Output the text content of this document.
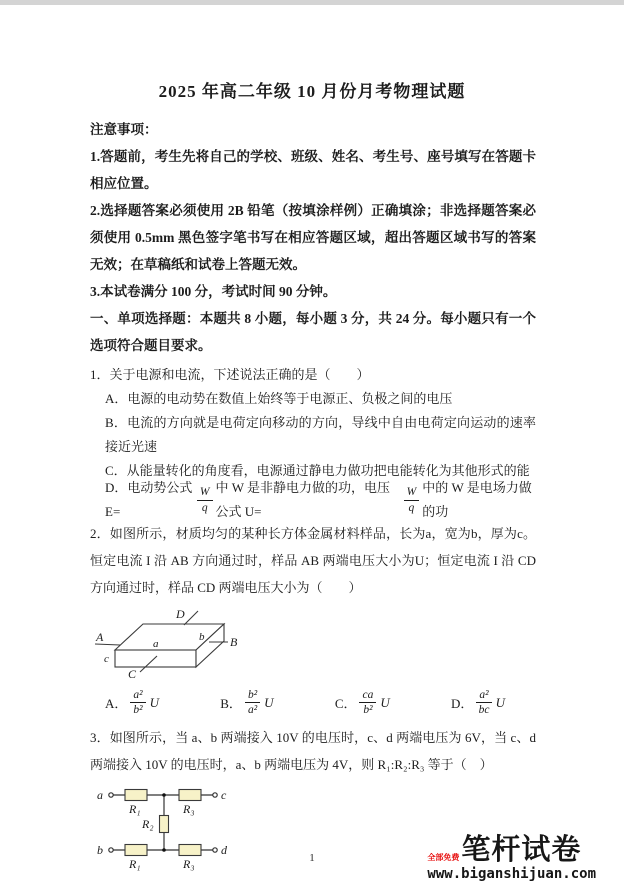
2025 年高二年级 10 月份月考物理试题

注意事项：

1.答题前，考生先将自己的学校、班级、姓名、考生号、座号填写在答题卡相应位置。

2.选择题答案必须使用 2B 铅笔（按填涂样例）正确填涂；非选择题答案必须使用 0.5mm 黑色签字笔书写在相应答题区域，超出答题区域书写的答案无效；在草稿纸和试卷上答题无效。

3.本试卷满分 100 分，考试时间 90 分钟。

一、单项选择题：本题共 8 小题，每小题 3 分，共 24 分。每小题只有一个选项符合题目要求。

1．关于电源和电流，下述说法正确的是（　　）

A．电源的电动势在数值上始终等于电源正、负极之间的电压

B．电流的方向就是电荷定向移动的方向，导线中自由电荷定向运动的速率接近光速

C．从能量转化的角度看，电源通过静电力做功把电能转化为其他形式的能

D．电动势公式 E=	$\frac{W}{q}$ 中 W 是非静电力做的功，电压公式 U=	$\frac{W}{q}$ 中的 W 是电场力做的功

2．如图所示，材质均匀的某种长方体金属材料样品，长为a，宽为b，厚为c。恒定电流 I 沿 AB 方向通过时，样品 AB 两端电压大小为U；恒定电流 I 沿 CD 方向通过时，样品 CD 两端电压大小为（　　）

A	B
C
D
a
b
c
A． $\frac{\text{a²}}{\text{b²}}$ U	B． $\frac{\text{b²}}{\text{a²}}$ U	C． $\frac{ca}{\text{b²}}$ U	D． $\frac{\text{a²}}{bc}$ U

3．如图所示，当 a、b 两端接入 10V 的电压时，c、d 两端电压为 6V，当 c、d 两端接入 10V 的电压时，a、b 两端电压为 4V，则 R₁:R₂:R₃ 等于（　）

a	c
b	d
R₁	R₃
R₂
R₁	R₃	1	全部免费 笔杆试卷
www.biganshijuan.com
